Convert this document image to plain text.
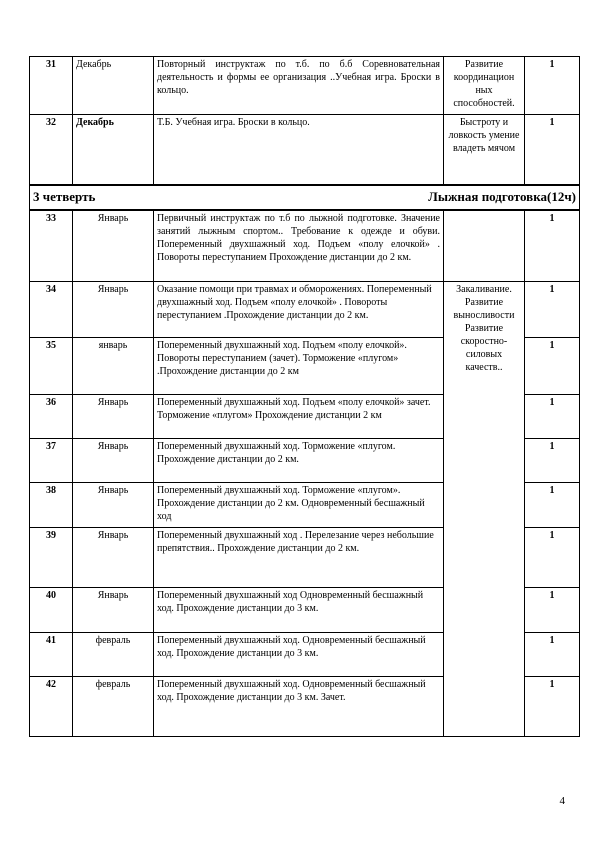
31	Декабрь	Повторный инструктаж по т.б. по б.б Соревновательная деятельность и формы ее организация ..Учебная игра. Броски в кольцо.	Развитие координацион ных способностей.	1
32	Декабрь	Т.Б. Учебная игра. Броски в кольцо.	Быстроту и ловкость умение владеть мячом	1

3 четверть Лыжная подготовка(12ч)				

33	Январь	Первичный инструктаж по т.б по лыжной подготовке. Значение занятий лыжным спортом.. Требование к одежде и обуви. Попеременный двухшажный ход. Подъем «полу елочкой» . Повороты переступанием Прохождение дистанции до 2 км.		1
34	Январь	Оказание помощи при травмах и обморожениях. Попеременный двухшажный ход. Подъем «полу елочкой» . Повороты переступанием .Прохождение дистанции до 2 км.	Закаливание. Развитие выносливости Развитие скоростно-силовых качеств..	1
35	январь	Попеременный двухшажный ход. Подъем «полу елочкой». Повороты переступанием (зачет). Торможение «плугом» .Прохождение дистанции до 2 км		1
36	Январь	Попеременный двухшажный ход. Подъем «полу елочкой» зачет. Торможение «плугом» Прохождение дистанции 2 км		1
37	Январь	Попеременный двухшажный ход. Торможение «плугом. Прохождение дистанции до 2 км.		1
38	Январь	Попеременный двухшажный ход. Торможение «плугом». Прохождение дистанции до 2 км. Одновременный бесшажный ход		1
39	Январь	Попеременный двухшажный ход . Перелезание через небольшие препятствия.. Прохождение дистанции до 2 км.		1
40	Январь	Попеременный двухшажный ход Одновременный бесшажный ход. Прохождение дистанции до 3 км.		1
41	февраль	Попеременный двухшажный ход. Одновременный бесшажный ход. Прохождение дистанции до 3 км.		1
42	февраль	Попеременный двухшажный ход. Одновременный бесшажный ход. Прохождение дистанции до 3 км. Зачет.		1
4
